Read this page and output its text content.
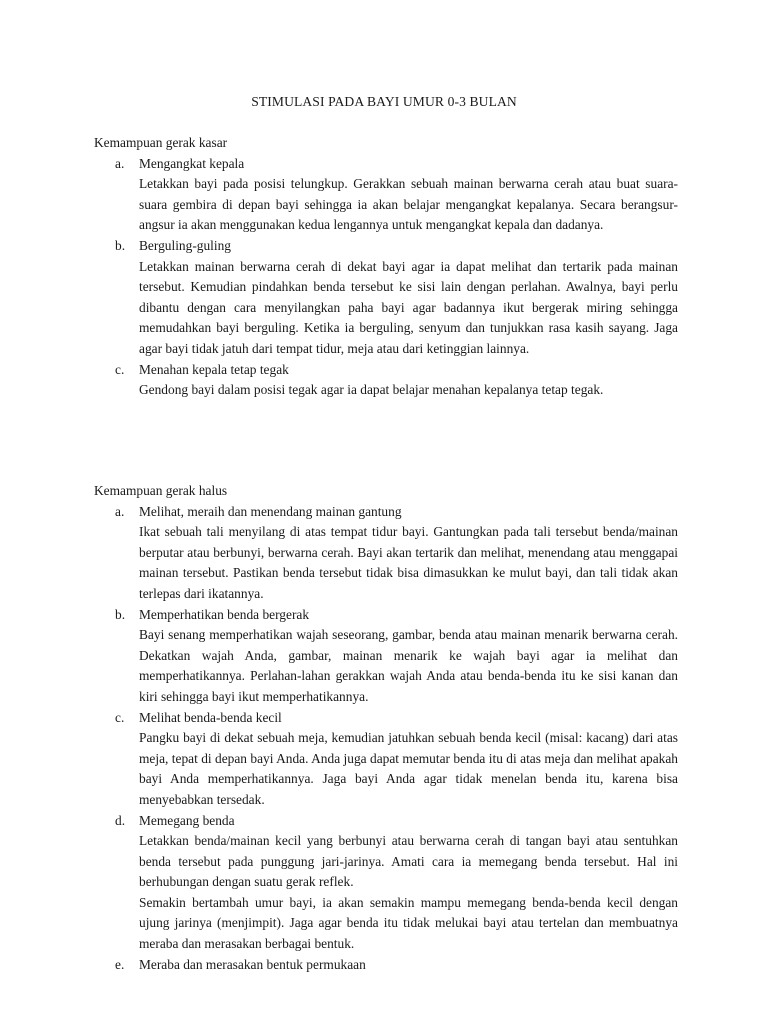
STIMULASI PADA BAYI UMUR 0-3 BULAN
Kemampuan gerak kasar
a. Mengangkat kepala
Letakkan bayi pada posisi telungkup. Gerakkan sebuah mainan berwarna cerah atau buat suara-suara gembira di depan bayi sehingga ia akan belajar mengangkat kepalanya. Secara berangsur-angsur ia akan menggunakan kedua lengannya untuk mengangkat kepala dan dadanya.
b. Berguling-guling
Letakkan mainan berwarna cerah di dekat bayi agar ia dapat melihat dan tertarik pada mainan tersebut. Kemudian pindahkan benda tersebut ke sisi lain dengan perlahan. Awalnya, bayi perlu dibantu dengan cara menyilangkan paha bayi agar badannya ikut bergerak miring sehingga memudahkan bayi berguling. Ketika ia berguling, senyum dan tunjukkan rasa kasih sayang. Jaga agar bayi tidak jatuh dari tempat tidur, meja atau dari ketinggian lainnya.
c. Menahan kepala tetap tegak
Gendong bayi dalam posisi tegak agar ia dapat belajar menahan kepalanya tetap tegak.
Kemampuan gerak halus
a. Melihat, meraih dan menendang mainan gantung
Ikat sebuah tali menyilang di atas tempat tidur bayi. Gantungkan pada tali tersebut benda/mainan berputar atau berbunyi, berwarna cerah. Bayi akan tertarik dan melihat, menendang atau menggapai mainan tersebut. Pastikan benda tersebut tidak bisa dimasukkan ke mulut bayi, dan tali tidak akan terlepas dari ikatannya.
b. Memperhatikan benda bergerak
Bayi senang memperhatikan wajah seseorang, gambar, benda atau mainan menarik berwarna cerah. Dekatkan wajah Anda, gambar, mainan menarik ke wajah bayi agar ia melihat dan memperhatikannya. Perlahan-lahan gerakkan wajah Anda atau benda-benda itu ke sisi kanan dan kiri sehingga bayi ikut memperhatikannya.
c. Melihat benda-benda kecil
Pangku bayi di dekat sebuah meja, kemudian jatuhkan sebuah benda kecil (misal: kacang) dari atas meja, tepat di depan bayi Anda. Anda juga dapat memutar benda itu di atas meja dan melihat apakah bayi Anda memperhatikannya. Jaga bayi Anda agar tidak menelan benda itu, karena bisa menyebabkan tersedak.
d. Memegang benda
Letakkan benda/mainan kecil yang berbunyi atau berwarna cerah di tangan bayi atau sentuhkan benda tersebut pada punggung jari-jarinya. Amati cara ia memegang benda tersebut. Hal ini berhubungan dengan suatu gerak reflek.
Semakin bertambah umur bayi, ia akan semakin mampu memegang benda-benda kecil dengan ujung jarinya (menjimpit). Jaga agar benda itu tidak melukai bayi atau tertelan dan membuatnya meraba dan merasakan berbagai bentuk.
e. Meraba dan merasakan bentuk permukaan
